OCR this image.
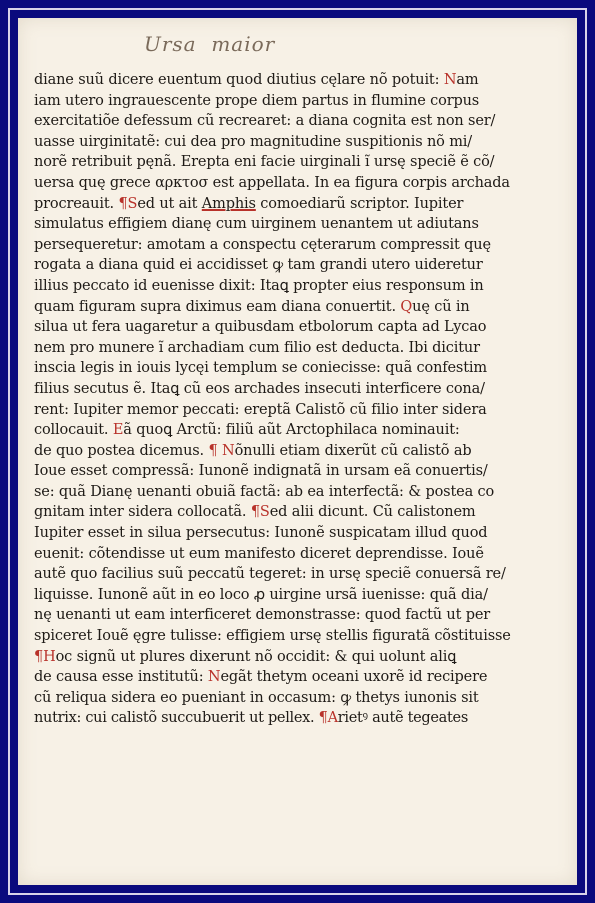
Ursa  maior
diane suũ dicere euentum quod diutius cęlare nõ potuit: Nam
iam utero ingrauescente prope diem partus in flumine corpus
exercitatiõe defessum cũ recrearet: a diana cognita est non ser/
uasse uirginitatẽ: cui dea pro magnitudine suspitionis nõ mi/
norẽ retribuit pęnã. Erepta eni facie uirginali ĩ ursę speciẽ ẽ cõ/
uersa quę grece αρκτοσ est appellata. In ea figura corpis archada
procreauit. ¶Sed ut ait Amphis comoediarũ scriptor. Iupiter
simulatus effigiem dianę cum uirginem uenantem ut adiutans
persequeretur: amotam a conspectu cęterarum compressit quę
rogata a diana quid ei accidisset ꝙ tam grandi utero uideretur
illius peccato id euenisse dixit: Itaꝗ propter eius responsum in
quam figuram supra diximus eam diana conuertit. Quę cũ in
silua ut fera uagaretur a quibusdam etbolorum capta ad Lycao
nem pro munere ĩ archadiam cum filio est deducta. Ibi dicitur
inscia legis in iouis lycęi templum se coniecisse: quã confestim
filius secutus ẽ. Itaꝗ cũ eos archades insecuti interficere cona/
rent: Iupiter memor peccati: ereptã Calistõ cũ filio inter sidera
collocauit. Eã quoꝗ Arctũ: filiũ aũt Arctophilaca nominauit:
de quo postea dicemus. ¶ Nõnulli etiam dixerũt cũ calistõ ab
Ioue esset compressã: Iunonẽ indignatã in ursam eã conuertis/
se: quã Dianę uenanti obuiã factã: ab ea interfectã: & postea co
gnitam inter sidera collocatã. ¶Sed alii dicunt. Cũ calistonem
Iupiter esset in silua persecutus: Iunonẽ suspicatam illud quod
euenit: cõtendisse ut eum manifesto diceret deprendisse. Iouẽ
autẽ quo facilius suũ peccatũ tegeret: in ursę speciẽ conuersã re/
liquisse. Iunonẽ aũt in eo loco ꝓ uirgine ursã iuenisse: quã dia/
nę uenanti ut eam interficeret demonstrasse: quod factũ ut per
spiceret Iouẽ ęgre tulisse: effigiem ursę stellis figuratã cõstituisse
¶Hoc signũ ut plures dixerunt nõ occidit: & qui uolunt aliꝗ
de causa esse institutũ: Negãt thetym oceani uxorẽ id recipere
cũ reliqua sidera eo pueniant in occasum: ꝙ thetys iunonis sit
nutrix: cui calistõ succubuerit ut pellex. ¶Arietꝰ autẽ tegeates
